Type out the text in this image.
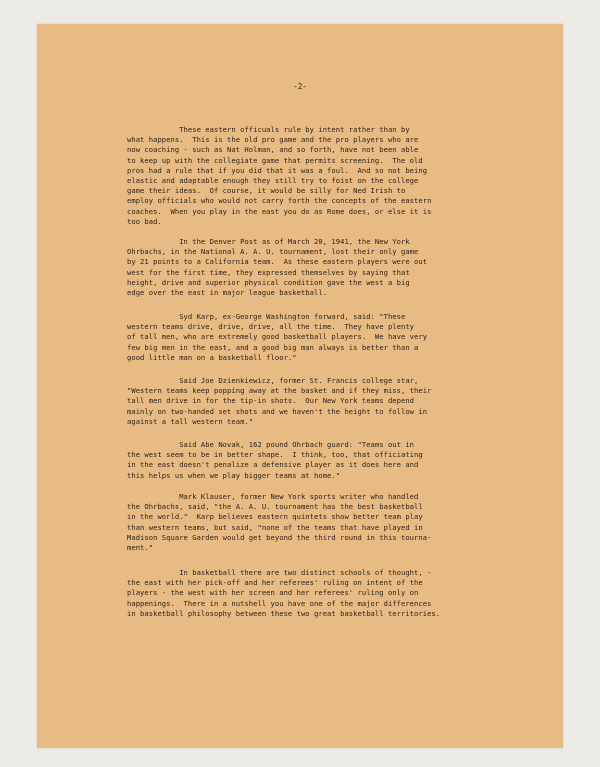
-2-

These eastern officuals rule by intent rather than by
what happens.  This is the old pro game and the pro players who are
now coaching - such as Nat Holman, and so forth, have not been able
to keep up with the collegiate game that permits screening.  The old
pros had a rule that if you did that it was a foul.  And so not being
elastic and adaptable enough they still try to foist on the college
game their ideas.  Of course, it would be silly for Ned Irish to
employ officials who would not carry forth the concepts of the eastern
coaches.  When you play in the east you do as Rome does, or else it is
too bad.

In the Denver Post as of March 20, 1941, the New York
Ohrbachs, in the National A. A. U. tournament, lost their only game
by 21 points to a California team.  As these eastern players were out
west for the first time, they expressed themselves by saying that
height, drive and superior physical condition gave the west a big
edge over the east in major league basketball.

Syd Karp, ex-George Washington forward, said: "These
western teams drive, drive, drive, all the time.  They have plenty
of tall men, who are extremely good basketball players.  We have very
few big men in the east, and a good big man always is better than a
good little man on a basketball floor."

Said Joe Dzienkiewicz, former St. Francis college star,
"Western teams keep popping away at the basket and if they miss, their
tall men drive in for the tip-in shots.  Our New York teams depend
mainly on two-handed set shots and we haven't the height to follow in
against a tall western team."

Said Abe Novak, 162 pound Ohrbach guard: "Teams out in
the west seem to be in better shape.  I think, too, that officiating
in the east doesn't penalize a defensive player as it does here and
this helps us when we play bigger teams at home."

Mark Klauser, former New York sports writer who handled
the Ohrbachs, said, "the A. A. U. tournament has the best basketball
in the world."  Karp believes eastern quintets show better team play
than western teams, but said, "none of the teams that have played in
Madison Square Garden would get beyond the third round in this tourna-
ment."

In basketball there are two distinct schools of thought, -
the east with her pick-off and her referees' ruling on intent of the
players - the west with her screen and her referees' ruling only on
happenings.  There in a nutshell you have one of the major differences
in basketball philosophy between these two great basketball territories.
